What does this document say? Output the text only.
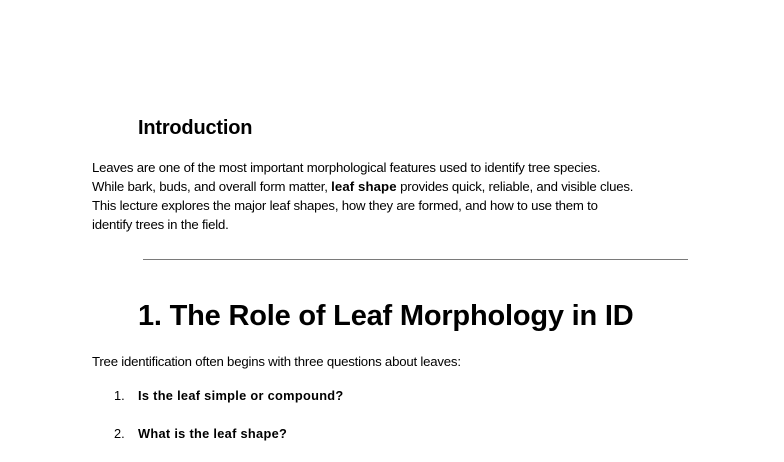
Introduction

Leaves are one of the most important morphological features used to identify tree species.
While bark, buds, and overall form matter, leaf shape provides quick, reliable, and visible clues.
This lecture explores the major leaf shapes, how they are formed, and how to use them to
identify trees in the field.

1. The Role of Leaf Morphology in ID

Tree identification often begins with three questions about leaves:

1. Is the leaf simple or compound?
2. What is the leaf shape?
